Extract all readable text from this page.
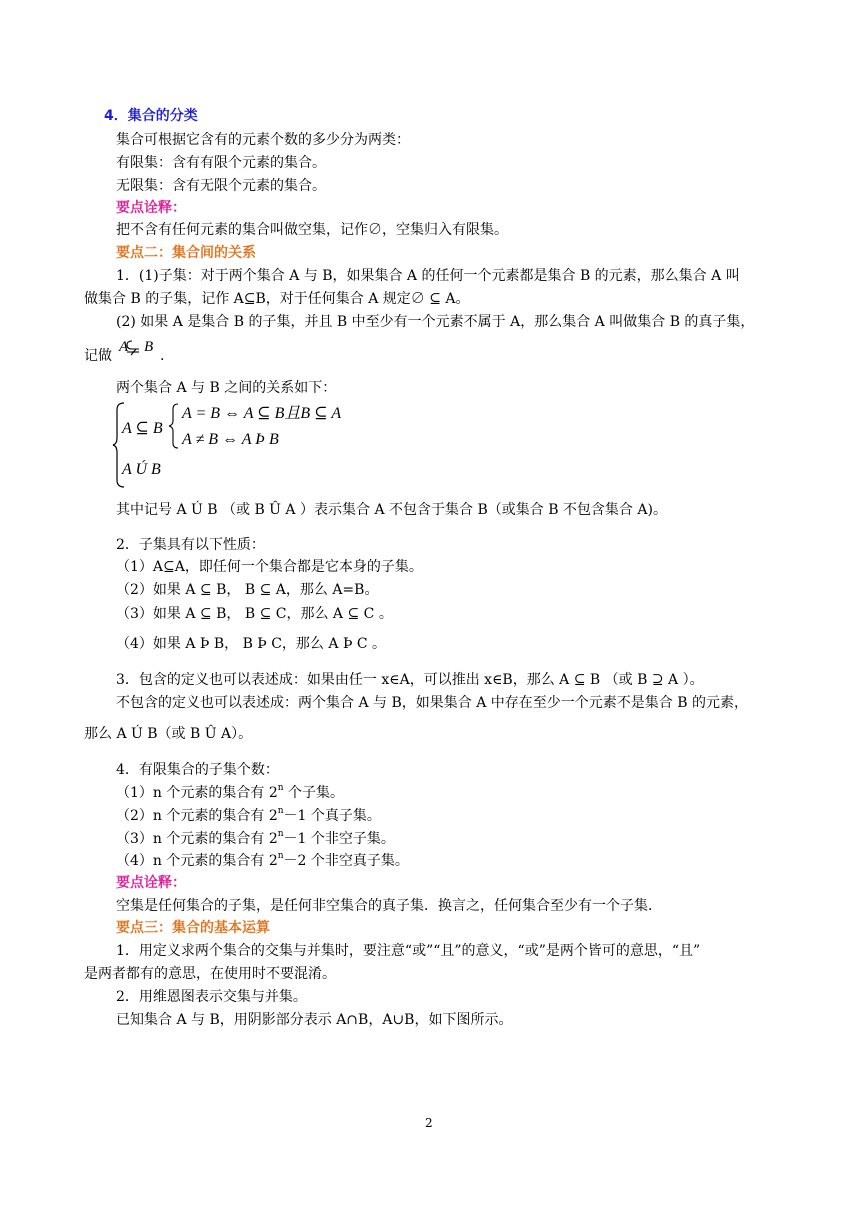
4．集合的分类
集合可根据它含有的元素个数的多少分为两类：
有限集：含有有限个元素的集合。
无限集：含有无限个元素的集合。
要点诠释：
把不含有任何元素的集合叫做空集，记作∅，空集归入有限集。
要点二：集合间的关系
1．(1)子集：对于两个集合 A 与 B，如果集合 A 的任何一个元素都是集合 B 的元素，那么集合 A 叫
做集合 B 的子集，记作 A⊆B，对于任何集合 A 规定∅ ⊆ A。
(2) 如果 A 是集合 B 的子集，并且 B 中至少有一个元素不属于 A，那么集合 A 叫做集合 B 的真子集，
记做
A B
.
两个集合 A 与 B 之间的关系如下：
A ⊆ B
A = B ⇔ A ⊆ B且B ⊆ A
A ≠ B ⇔ A Þ B
A Ú B
其中记号 A Ú B （或 B Û A ）表示集合 A 不包含于集合 B（或集合 B 不包含集合 A)。
2．子集具有以下性质：
（1）A⊆A，即任何一个集合都是它本身的子集。
（2）如果 A ⊆ B， B ⊆ A，那么 A=B。
（3）如果 A ⊆ B， B ⊆ C，那么 A ⊆ C 。
（4）如果 A Þ B， B Þ C，那么 A Þ C 。
3．包含的定义也可以表述成：如果由任一 x∈A，可以推出 x∈B，那么 A ⊆ B （或 B ⊇ A ）。
不包含的定义也可以表述成：两个集合 A 与 B，如果集合 A 中存在至少一个元素不是集合 B 的元素，
那么 A Ú B（或 B Û A）。
4．有限集合的子集个数：
（1）n 个元素的集合有 2$^n$ 个子集。
（2）n 个元素的集合有 $2^n-1$ 个真子集。
（3）n 个元素的集合有 $2^n-1$ 个非空子集。
（4）n 个元素的集合有 $2^n-2$ 个非空真子集。
要点诠释：
空集是任何集合的子集，是任何非空集合的真子集．换言之，任何集合至少有一个子集．
要点三：集合的基本运算
1．用定义求两个集合的交集与并集时，要注意“或”“且”的意义，“或”是两个皆可的意思，“且”
是两者都有的意思，在使用时不要混淆。
2．用维恩图表示交集与并集。
已知集合 A 与 B，用阴影部分表示 A∩B，A∪B，如下图所示。
2
